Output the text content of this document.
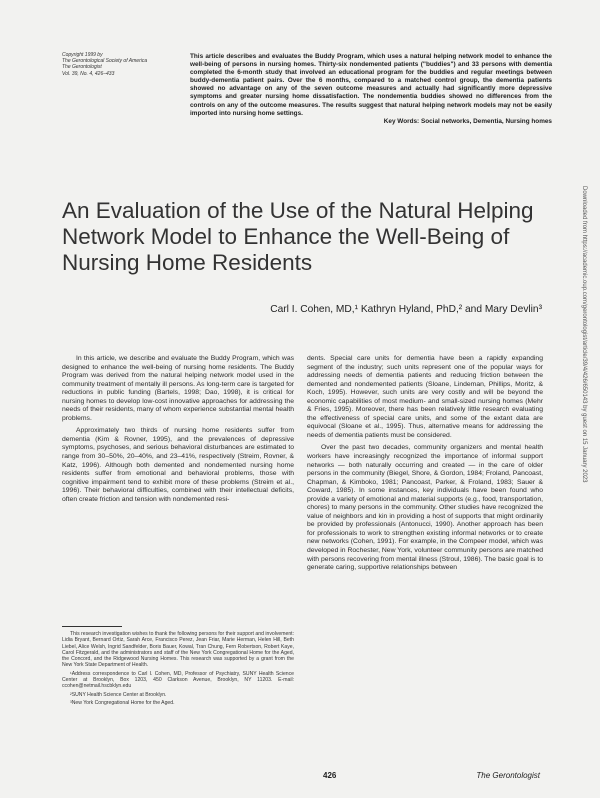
Copyright 1999 by
The Gerontological Society of America
The Gerontologist
Vol. 39, No. 4, 426–433
This article describes and evaluates the Buddy Program, which uses a natural helping network model to enhance the well-being of persons in nursing homes. Thirty-six nondemented patients ("buddies") and 33 persons with dementia completed the 6-month study that involved an educational program for the buddies and regular meetings between buddy-dementia patient pairs. Over the 6 months, compared to a matched control group, the dementia patients showed no advantage on any of the seven outcome measures and actually had significantly more depressive symptoms and greater nursing home dissatisfaction. The nondementia buddies showed no differences from the controls on any of the outcome measures. The results suggest that natural helping network models may not be easily imported into nursing home settings.
Key Words: Social networks, Dementia, Nursing homes
An Evaluation of the Use of the Natural Helping Network Model to Enhance the Well-Being of Nursing Home Residents
Carl I. Cohen, MD,¹ Kathryn Hyland, PhD,² and Mary Devlin³

In this article, we describe and evaluate the Buddy Program, which was designed to enhance the well-being of nursing home residents. The Buddy Program was derived from the natural helping network model used in the community treatment of mentally ill persons. As long-term care is targeted for reductions in public funding (Bartels, 1998; Dao, 1998), it is critical for nursing homes to develop low-cost innovative approaches for addressing the needs of their residents, many of whom experience substantial mental health problems.

Approximately two thirds of nursing home residents suffer from dementia (Kim & Rovner, 1995), and the prevalences of depressive symptoms, psychoses, and serious behavioral disturbances are estimated to range from 30–50%, 20–40%, and 23–41%, respectively (Streim, Rovner, & Katz, 1996). Although both demented and nondemented nursing home residents suffer from emotional and behavioral problems, those with cognitive impairment tend to exhibit more of these problems (Streim et al., 1996). Their behavioral difficulties, combined with their intellectual deficits, often create friction and tension with nondemented resi-

This research investigation wishes to thank the following persons for their support and involvement: Lidia Bryant, Bernard Ortiz, Sarah Arce, Francisco Perez, Jean Friar, Marie Herman, Helen Hill, Beth Liebel, Alice Welsh, Ingrid Sandfelder, Boris Bauer, Kowal, Tran Chung, Fern Robertson, Robert Kaye, Carol Fitzgerald, and the administrators and staff of the New York Congregational Home for the Aged, the Concord, and the Ridgewood Nursing Homes. This research was supported by a grant from the New York State Department of Health.

¹Address correspondence to Carl I. Cohen, MD, Professor of Psychiatry, SUNY Health Science Center at Brooklyn, Box 1203, 450 Clarkson Avenue, Brooklyn, NY 11203. E-mail: ccohen@netmail.hscbklyn.edu

²SUNY Health Science Center at Brooklyn.

³New York Congregational Home for the Aged.

dents. Special care units for dementia have been a rapidly expanding segment of the industry; such units represent one of the popular ways for addressing needs of dementia patients and reducing friction between the demented and nondemented patients (Sloane, Lindeman, Phillips, Moritz, & Koch, 1995). However, such units are very costly and will be beyond the economic capabilities of most medium- and small-sized nursing homes (Mehr & Fries, 1995). Moreover, there has been relatively little research evaluating the effectiveness of special care units, and some of the extant data are equivocal (Sloane et al., 1995). Thus, alternative means for addressing the needs of dementia patients must be considered.

Over the past two decades, community organizers and mental health workers have increasingly recognized the importance of informal support networks — both naturally occurring and created — in the care of older persons in the community (Biegel, Shore, & Gordon, 1984; Froland, Pancoast, Chapman, & Kimboko, 1981; Pancoast, Parker, & Froland, 1983; Sauer & Coward, 1985). In some instances, key individuals have been found who provide a variety of emotional and material supports (e.g., food, transportation, chores) to many persons in the community. Other studies have recognized the value of neighbors and kin in providing a host of supports that might ordinarily be provided by professionals (Antonucci, 1990). Another approach has been for professionals to work to strengthen existing informal networks or to create new networks (Cohen, 1991). For example, in the Compeer model, which was developed in Rochester, New York, volunteer community persons are matched with persons recovering from mental illness (Stroul, 1986). The basic goal is to generate caring, supportive relationships between

426	The Gerontologist
Downloaded from https://academic.oup.com/gerontologist/article/39/4/426/650143 by guest on 15 January 2023
